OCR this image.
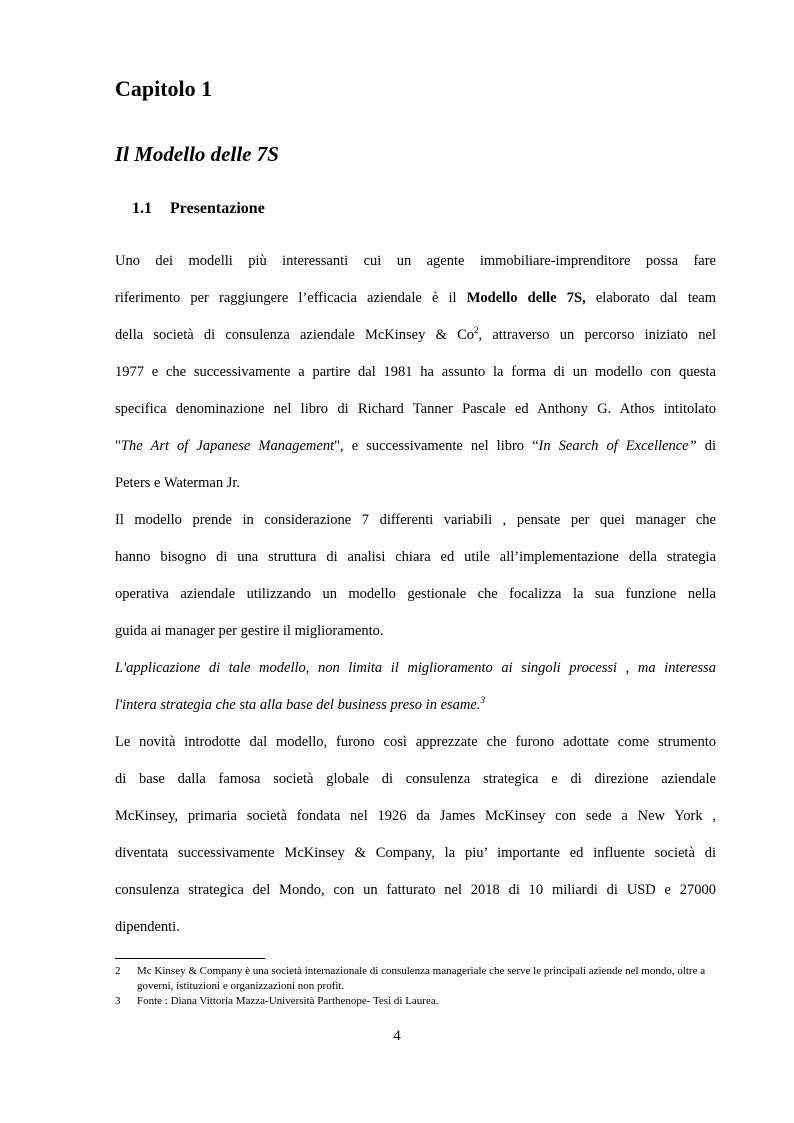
Capitolo 1
Il Modello delle 7S
1.1 Presentazione
Uno dei modelli più interessanti cui un agente immobiliare-imprenditore possa fare
riferimento per raggiungere l’efficacia aziendale è il Modello delle 7S, elaborato dal team
della società di consulenza aziendale McKinsey & Co$^2$, attraverso un percorso iniziato nel
1977 e che successivamente a partire dal 1981 ha assunto la forma di un modello con questa
specifica denominazione nel libro di Richard Tanner Pascale ed Anthony G. Athos intitolato
"The Art of Japanese Management", e successivamente nel libro “In Search of Excellence” di
Peters e Waterman Jr.
Il modello prende in considerazione 7 differenti variabili , pensate per quei manager che
hanno bisogno di una struttura di analisi chiara ed utile all’implementazione della strategia
operativa aziendale utilizzando un modello gestionale che focalizza la sua funzione nella
guida ai manager per gestire il miglioramento.
L'applicazione di tale modello, non limita il miglioramento ai singoli processi , ma interessa
l'intera strategia che sta alla base del business preso in esame.$^3$
Le novità introdotte dal modello, furono così apprezzate che furono adottate come strumento
di base dalla famosa società globale di consulenza strategica e di direzione aziendale
McKinsey, primaria società fondata nel 1926 da James McKinsey con sede a New York ,
diventata successivamente McKinsey & Company, la piu’ importante ed influente società di
consulenza strategica del Mondo, con un fatturato nel 2018 di 10 miliardi di USD e 27000
dipendenti.
2	Mc Kinsey & Company è una società internazionale di consulenza manageriale che serve le principali aziende nel mondo, oltre a governi, istituzioni e organizzazioni non profit.
3	Fonte : Diana Vittoria Mazza-Università Parthenope- Tesi di Laurea.
4
